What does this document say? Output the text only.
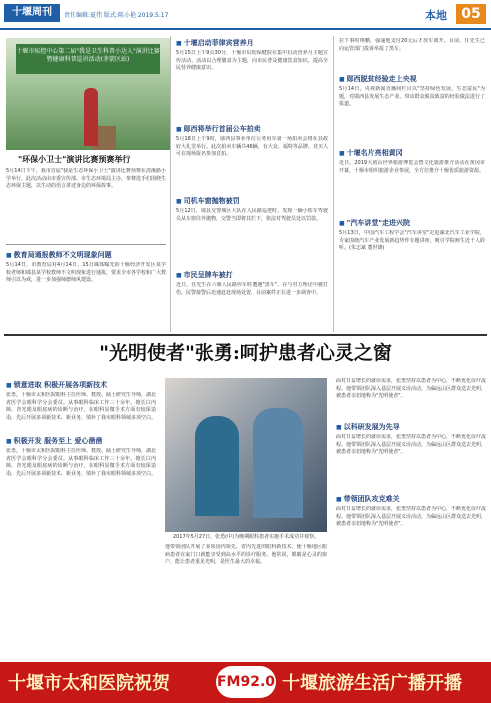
十堰周刊	责任编辑:夏伟 版式:陈小艳 2019.5.17	本地	05
十堰市疾控中心第二届"我是卫生科普小达人"演讲比赛暨健康科普巡讲活动(茅箭区站)
"环保小卫士"演讲比赛预赛举行
5月14日下午，我市首届"我是生态环保小卫士"演讲比赛预赛在清溪路小学举行。此次活动由市委宣传部、市生态环境局主办，参赛选手们围绕生态环保主题，以生动的语言讲述身边的环保故事。
■ 教育局通报教师不文明现象问题
5月14日，市教育局对4月14日、15日媒体曝光的十堰经济开发区某学校老师和郧县某学校教师不文明现象进行通报，要求全市各学校和广大教师引以为戒，进一步加强师德师风建设。
■ 十堰启动菲律宾营养月
5月15日上午9点30分，十堰市妇幼保健院在集中启动营养月主题宣传活动，活动以合理膳食为主题，向市民普及健康饮食知识，提高全民营养健康意识。
■ 郧西将举行首届公车拍卖
5月18日上午9时，郧西县事业单位公务用车第一场拍卖会将在县政府大礼堂举行。此次拍卖车辆共46辆，有大众、福特等品牌。竞买人可在现场报名参加竞拍。
■ 司机车窗抛物被罚
5月12日，郧县交警城区大队在人民路巡逻时，发现一辆小轿车驾驶员从车窗往外抛物，交警当即将其拦下，依法对驾驶员处以罚款。
■ 市民呈牌车被打
近日，任先生在六堰人民路停车时遭遇"黑车"，在与对方理论中被打伤。民警接警后迅速赶赴现场处置，目前案件正在进一步调查中。
拉下事时翔鹏，强递他支付20元后才放车离开。目前，任先生已向运管部门投诉举报了黑车。
■ 郧西脱贫经验走上央视
5月14日，央视新闻直播间栏目以"坚持绿色发展，生态富民"为题，对郧西县发展生态产业、带动群众脱贫致富的经验做法进行了报道。
■ 十堰名片亮相黄冈
近日，2019大别山世界旅游博览会暨文化旅游推介活动在黄冈市开幕，十堰市组织旅游企业参展，全方位推介十堰优质旅游资源。
■ "汽车讲堂"走进兴院
5月13日，中国汽车工程学会"汽车讲堂"走进湖北汽车工业学院，专家围绕汽车产业发展新趋势作专题讲座，吸引学院师生近千人聆听。(朱志斌 董世雄)
"光明使者"张勇:呵护患者心灵之窗
■ 锁意进取 积极开展各项新技术
张勇，十堰市太和医院眼科主任医师、教授、硕士研究生导师，湖北省医学会眼科学分会委员。从事眼科临床工作三十余年，擅长白内障、青光眼及眼底病的诊断与治疗，在眼科显微手术方面有较深造诣，先后开展多项新技术、新业务，填补了我市眼科领域多项空白。
■ 积极开发 服务至上 爱心凿凿
张勇，十堰市太和医院眼科主任医师、教授、硕士研究生导师，湖北省医学会眼科学分会委员。从事眼科临床工作三十余年，擅长白内障、青光眼及眼底病的诊断与治疗，在眼科显微手术方面有较深造诣，先后开展多项新技术、新业务，填补了我市眼科领域多项空白。
2017年5月27日，张勇(中)为晚期眼科患者实施手术成功并观察。
他带领团队开展了多项国内领先、省内先进的眼科新技术，使十堰地区眼病患者在家门口就能享受到高水平的诊疗服务。他常说，眼睛是心灵的窗户，能让患者重见光明，是医生最大的幸福。
面对日益增长的就诊需求，张勇坚持以患者为中心，不断优化诊疗流程。他带领团队深入基层开展义诊活动，为偏远山区群众送去光明，被患者亲切地称为"光明使者"。
■ 以科研发展为先导
面对日益增长的就诊需求，张勇坚持以患者为中心，不断优化诊疗流程。他带领团队深入基层开展义诊活动，为偏远山区群众送去光明，被患者亲切地称为"光明使者"。
■ 带领团队攻克难关
面对日益增长的就诊需求，张勇坚持以患者为中心，不断优化诊疗流程。他带领团队深入基层开展义诊活动，为偏远山区群众送去光明，被患者亲切地称为"光明使者"。
十堰市太和医院祝贺	FM92.0 十堰旅游生活广播开播
